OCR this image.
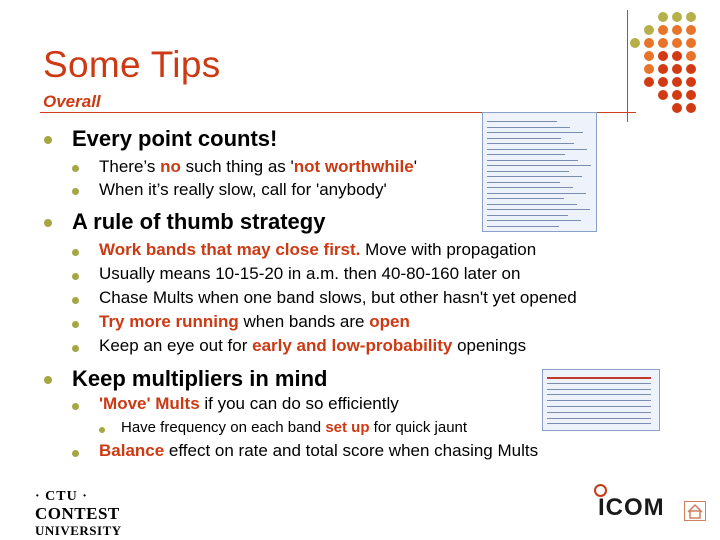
Some Tips
Overall
Every point counts!
There’s no such thing as 'not worthwhile'
When it’s really slow, call for 'anybody'
A rule of thumb strategy
Work bands that may close first. Move with propagation
Usually means 10-15-20 in a.m. then 40-80-160 later on
Chase Mults when one band slows, but other hasn't yet opened
Try more running when bands are open
Keep an eye out for early and low-probability openings
Keep multipliers in mind
'Move' Mults if you can do so efficiently
Have frequency on each band set up for quick jaunt
Balance effect on rate and total score when chasing Mults
· CTU ·
CONTEST
UNIVERSITY
ICOM
